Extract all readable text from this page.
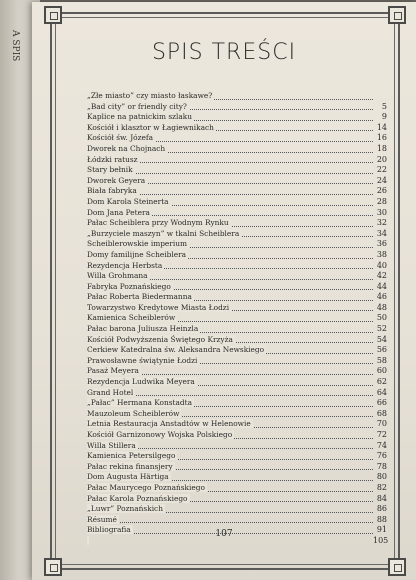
A SPIS	SPIS TREŚCI
„Złe miasto” czy miasto łaskawe?
„Bad city” or friendly city?	5
Kaplice na patnickim szlaku	9
Kościół i klasztor w Łagiewnikach	14
Kościół św. Józefa	16
Dworek na Chojnach	18
Łódzki ratusz	20
Stary bełnik	22
Dworek Geyera	24
Biała fabryka	26
Dom Karola Steinerta	28
Dom Jana Petera	30
Pałac Scheiblera przy Wodnym Rynku	32
„Burzyciele maszyn” w tkalni Scheiblera	34
Scheiblerowskie imperium	36
Domy familijne Scheiblera	38
Rezydencja Herbsta	40
Willa Grohmana	42
Fabryka Poznańskiego	44
Pałac Roberta Biedermanna	46
Towarzystwo Kredytowe Miasta Łodzi	48
Kamienica Scheiblerów	50
Pałac barona Juliusza Heinzla	52
Kościół Podwyższenia Świętego Krzyża	54
Cerkiew Katedralna św. Aleksandra Newskiego	56
Prawosławne świątynie Łodzi	58
Pasaż Meyera	60
Rezydencja Ludwika Meyera	62
Grand Hotel	64
„Pałac” Hermana Konstadta	66
Mauzoleum Scheiblerów	68
Letnia Restauracja Anstadtów w Helenowie	70
Kościół Garnizonowy Wojska Polskiego	72
Willa Stillera	74
Kamienica Petersilgego	76
Pałac rekina finansjery	78
Dom Augusta Härtiga	80
Pałac Maurycego Poznańskiego	82
Pałac Karola Poznańskiego	84
„Luwr” Poznańskich	86
Résumé	88
Bibliografia	91
105
107
